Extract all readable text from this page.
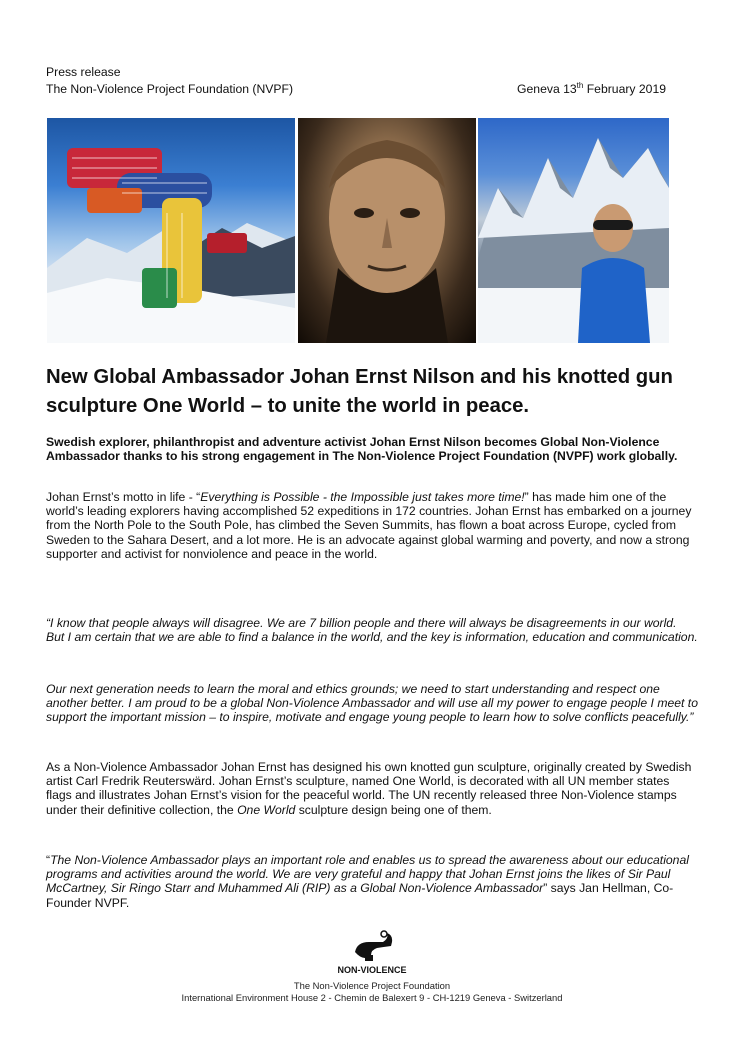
Press release
The Non-Violence Project Foundation (NVPF)	Geneva 13th February 2019
New Global Ambassador Johan Ernst Nilson and his knotted gun sculpture One World – to unite the world in peace.

Swedish explorer, philanthropist and adventure activist Johan Ernst Nilson becomes Global Non-Violence Ambassador thanks to his strong engagement in The Non-Violence Project Foundation (NVPF) work globally.

Johan Ernst’s motto in life - “Everything is Possible - the Impossible just takes more time!” has made him one of the world’s leading explorers having accomplished 52 expeditions in 172 countries. Johan Ernst has embarked on a journey from the North Pole to the South Pole, has climbed the Seven Summits, has flown a boat across Europe, cycled from Sweden to the Sahara Desert, and a lot more. He is an advocate against global warming and poverty, and now a strong supporter and activist for nonviolence and peace in the world.

“I know that people always will disagree. We are 7 billion people and there will always be disagreements in our world. But I am certain that we are able to find a balance in the world, and the key is information, education and communication.

Our next generation needs to learn the moral and ethics grounds; we need to start understanding and respect one another better. I am proud to be a global Non-Violence Ambassador and will use all my power to engage people I meet to support the important mission – to inspire, motivate and engage young people to learn how to solve conflicts peacefully.”

As a Non-Violence Ambassador Johan Ernst has designed his own knotted gun sculpture, originally created by Swedish artist Carl Fredrik Reuterswärd. Johan Ernst’s sculpture, named One World, is decorated with all UN member states flags and illustrates Johan Ernst’s vision for the peaceful world. The UN recently released three Non-Violence stamps under their definitive collection, the One World sculpture design being one of them.

“The Non-Violence Ambassador plays an important role and enables us to spread the awareness about our educational programs and activities around the world. We are very grateful and happy that Johan Ernst joins the likes of Sir Paul McCartney, Sir Ringo Starr and Muhammed Ali (RIP) as a Global Non-Violence Ambassador” says Jan Hellman, Co-Founder NVPF.

NON-VIOLENCE
The Non-Violence Project Foundation
International Environment House 2 - Chemin de Balexert 9 - CH-1219 Geneva - Switzerland
